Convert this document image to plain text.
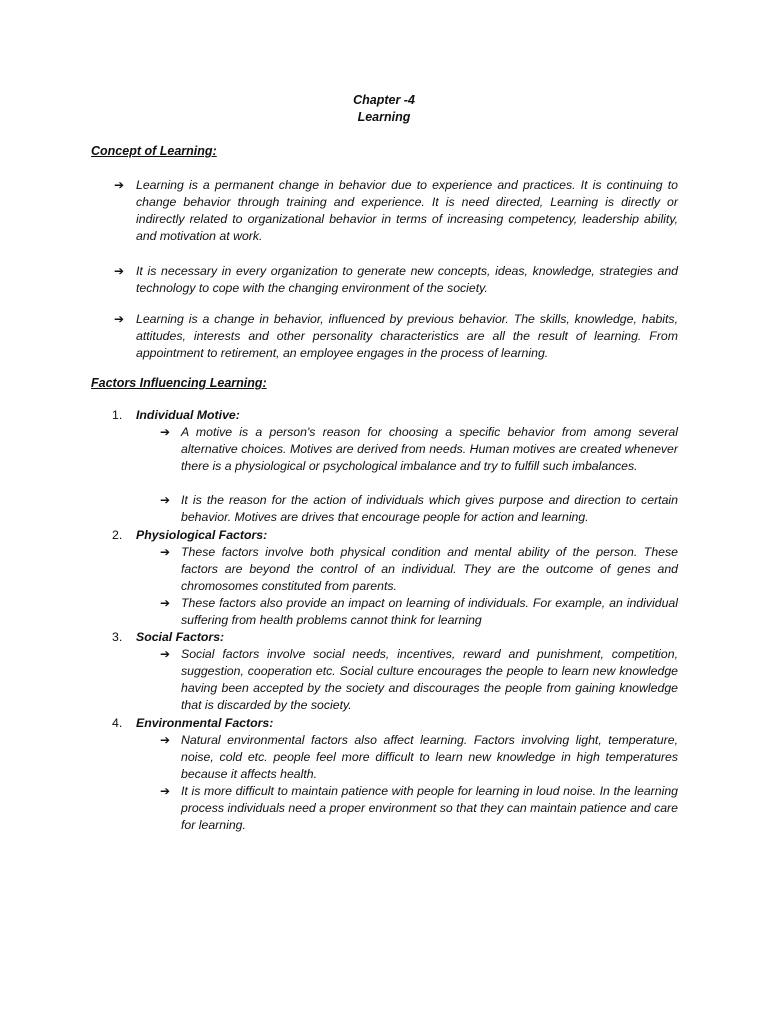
Chapter -4
Learning
Concept of Learning:
➔ Learning is a permanent change in behavior due to experience and practices. It is continuing to change behavior through training and experience. It is need directed, Learning is directly or indirectly related to organizational behavior in terms of increasing competency, leadership ability, and motivation at work.
➔ It is necessary in every organization to generate new concepts, ideas, knowledge, strategies and technology to cope with the changing environment of the society.
➔ Learning is a change in behavior, influenced by previous behavior. The skills, knowledge, habits, attitudes, interests and other personality characteristics are all the result of learning. From appointment to retirement, an employee engages in the process of learning.
Factors Influencing Learning:
1. Individual Motive:
➔ A motive is a person's reason for choosing a specific behavior from among several alternative choices. Motives are derived from needs. Human motives are created whenever there is a physiological or psychological imbalance and try to fulfill such imbalances.
➔ It is the reason for the action of individuals which gives purpose and direction to certain behavior. Motives are drives that encourage people for action and learning.
2. Physiological Factors:
➔ These factors involve both physical condition and mental ability of the person. These factors are beyond the control of an individual. They are the outcome of genes and chromosomes constituted from parents.
➔ These factors also provide an impact on learning of individuals. For example, an individual suffering from health problems cannot think for learning
3. Social Factors:
➔ Social factors involve social needs, incentives, reward and punishment, competition, suggestion, cooperation etc. Social culture encourages the people to learn new knowledge having been accepted by the society and discourages the people from gaining knowledge that is discarded by the society.
4. Environmental Factors:
➔ Natural environmental factors also affect learning. Factors involving light, temperature, noise, cold etc. people feel more difficult to learn new knowledge in high temperatures because it affects health.
➔ It is more difficult to maintain patience with people for learning in loud noise. In the learning process individuals need a proper environment so that they can maintain patience and care for learning.
